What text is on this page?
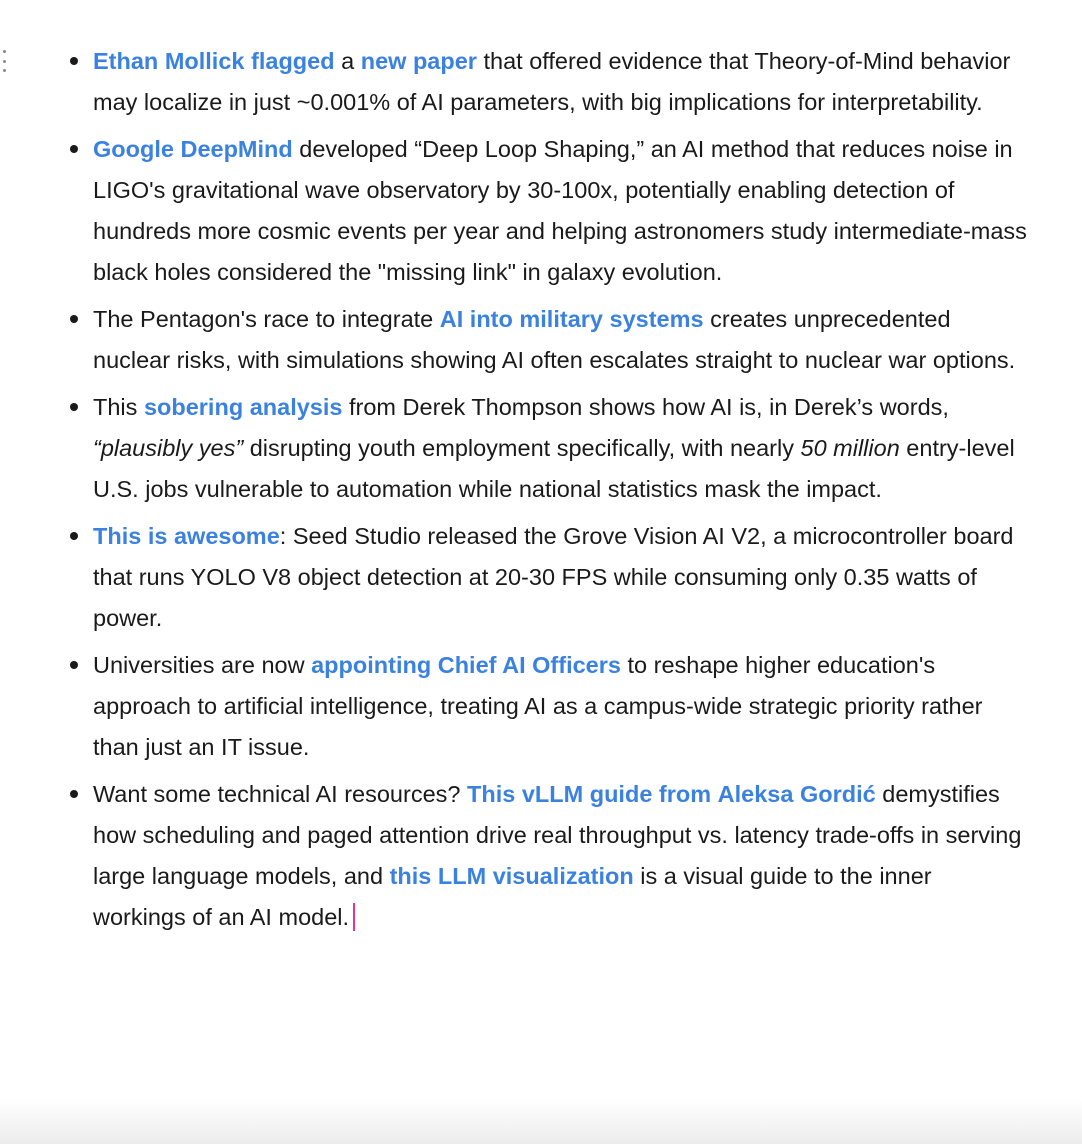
Ethan Mollick flagged a new paper that offered evidence that Theory-of-Mind behavior may localize in just ~0.001% of AI parameters, with big implications for interpretability.
Google DeepMind developed “Deep Loop Shaping,” an AI method that reduces noise in LIGO's gravitational wave observatory by 30-100x, potentially enabling detection of hundreds more cosmic events per year and helping astronomers study intermediate-mass black holes considered the "missing link" in galaxy evolution.
The Pentagon's race to integrate AI into military systems creates unprecedented nuclear risks, with simulations showing AI often escalates straight to nuclear war options.
This sobering analysis from Derek Thompson shows how AI is, in Derek’s words, “plausibly yes” disrupting youth employment specifically, with nearly 50 million entry-level U.S. jobs vulnerable to automation while national statistics mask the impact.
This is awesome: Seed Studio released the Grove Vision AI V2, a microcontroller board that runs YOLO V8 object detection at 20-30 FPS while consuming only 0.35 watts of power.
Universities are now appointing Chief AI Officers to reshape higher education's approach to artificial intelligence, treating AI as a campus-wide strategic priority rather than just an IT issue.
Want some technical AI resources? This vLLM guide from Aleksa Gordić demystifies how scheduling and paged attention drive real throughput vs. latency trade-offs in serving large language models, and this LLM visualization is a visual guide to the inner workings of an AI model.
